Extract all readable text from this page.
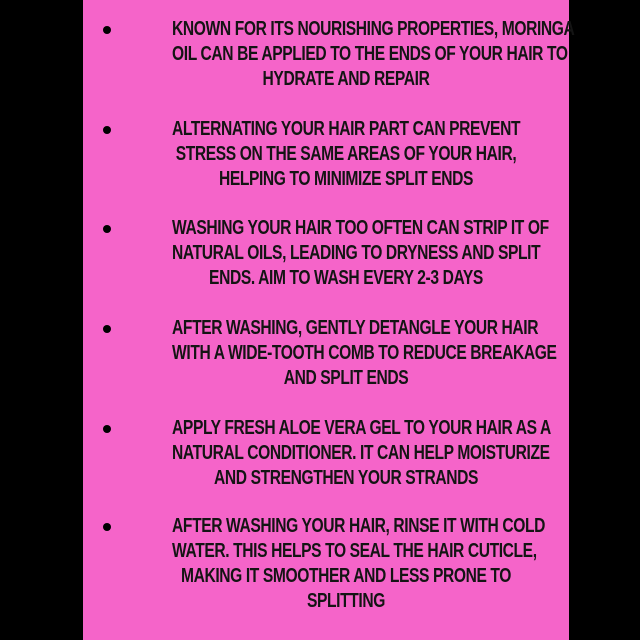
KNOWN FOR ITS NOURISHING PROPERTIES, MORINGA
OIL CAN BE APPLIED TO THE ENDS OF YOUR HAIR TO
HYDRATE AND REPAIR

ALTERNATING YOUR HAIR PART CAN PREVENT
STRESS ON THE SAME AREAS OF YOUR HAIR,
HELPING TO MINIMIZE SPLIT ENDS

WASHING YOUR HAIR TOO OFTEN CAN STRIP IT OF
NATURAL OILS, LEADING TO DRYNESS AND SPLIT
ENDS. AIM TO WASH EVERY 2-3 DAYS

AFTER WASHING, GENTLY DETANGLE YOUR HAIR
WITH A WIDE-TOOTH COMB TO REDUCE BREAKAGE
AND SPLIT ENDS

APPLY FRESH ALOE VERA GEL TO YOUR HAIR AS A
NATURAL CONDITIONER. IT CAN HELP MOISTURIZE
AND STRENGTHEN YOUR STRANDS

AFTER WASHING YOUR HAIR, RINSE IT WITH COLD
WATER. THIS HELPS TO SEAL THE HAIR CUTICLE,
MAKING IT SMOOTHER AND LESS PRONE TO
SPLITTING
